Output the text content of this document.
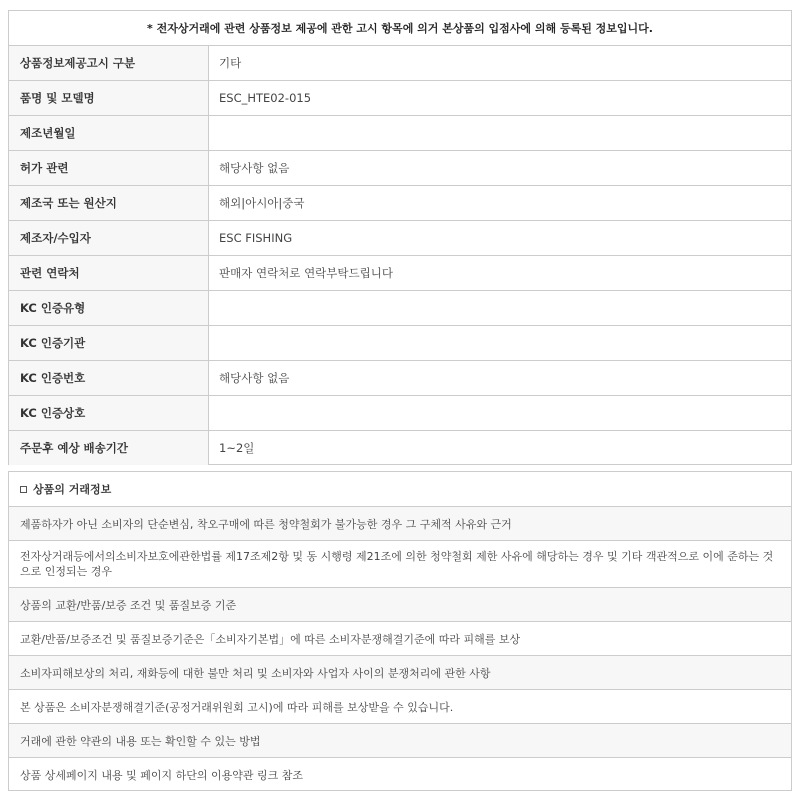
* 전자상거래에 관련 상품정보 제공에 관한 고시 항목에 의거 본상품의 입점사에 의해 등록된 정보입니다.
상품정보제공고시 구분	기타
품명 및 모델명	ESC_HTE02-015
제조년월일
허가 관련	해당사항 없음
제조국 또는 원산지	해외|아시아|중국
제조자/수입자	ESC FISHING
관련 연락처	판매자 연락처로 연락부탁드립니다
KC 인증유형
KC 인증기관
KC 인증번호	해당사항 없음
KC 인증상호
주문후 예상 배송기간	1~2일
상품의 거래정보
제품하자가 아닌 소비자의 단순변심, 착오구매에 따른 청약철회가 불가능한 경우 그 구체적 사유와 근거
전자상거래등에서의소비자보호에관한법률 제17조제2항 및 동 시행령 제21조에 의한 청약철회 제한 사유에 해당하는 경우 및 기타 객관적으로 이에 준하는 것으로 인정되는 경우
상품의 교환/반품/보증 조건 및 품질보증 기준
교환/반품/보증조건 및 품질보증기준은「소비자기본법」에 따른 소비자분쟁해결기준에 따라 피해를 보상
소비자피해보상의 처리, 재화등에 대한 불만 처리 및 소비자와 사업자 사이의 분쟁처리에 관한 사항
본 상품은 소비자분쟁해결기준(공정거래위원회 고시)에 따라 피해를 보상받을 수 있습니다.
거래에 관한 약관의 내용 또는 확인할 수 있는 방법
상품 상세페이지 내용 및 페이지 하단의 이용약관 링크 참조
